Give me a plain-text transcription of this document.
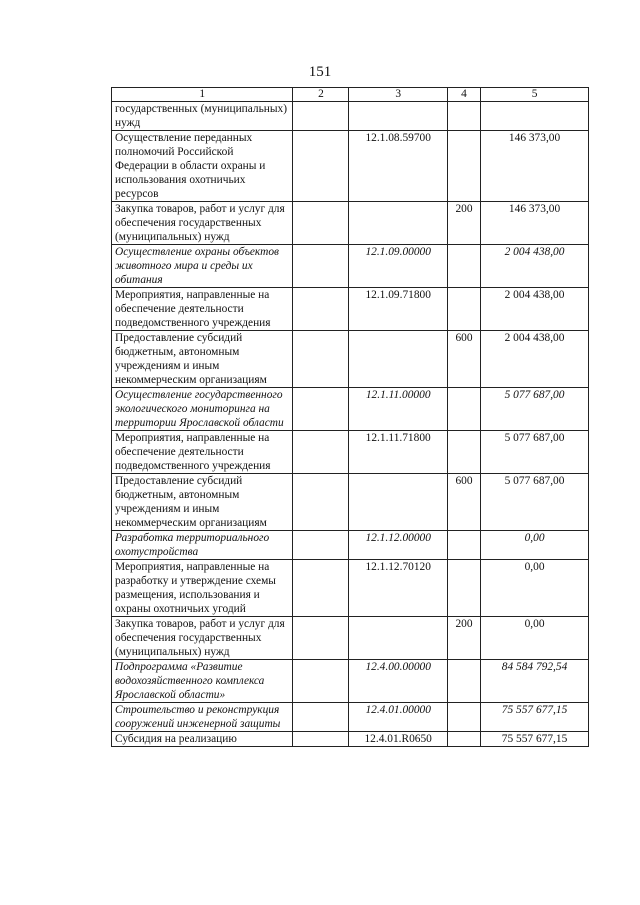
151
1	2	3	4	5
государственных (муниципальных) нужд				
Осуществление переданных полномочий Российской Федерации в области охраны и использования охотничьих ресурсов		12.1.08.59700		146 373,00
Закупка товаров, работ и услуг для обеспечения государственных (муниципальных) нужд			200	146 373,00
Осуществление охраны объектов животного мира и среды их обитания		12.1.09.00000		2 004 438,00
Мероприятия, направленные на обеспечение деятельности подведомственного учреждения		12.1.09.71800		2 004 438,00
Предоставление субсидий бюджетным, автономным учреждениям и иным некоммерческим организациям			600	2 004 438,00
Осуществление государственного экологического мониторинга на территории Ярославской области		12.1.11.00000		5 077 687,00
Мероприятия, направленные на обеспечение деятельности подведомственного учреждения		12.1.11.71800		5 077 687,00
Предоставление субсидий бюджетным, автономным учреждениям и иным некоммерческим организациям			600	5 077 687,00
Разработка территориального охотустройства		12.1.12.00000		0,00
Мероприятия, направленные на разработку и утверждение схемы размещения, использования и охраны охотничьих угодий		12.1.12.70120		0,00
Закупка товаров, работ и услуг для обеспечения государственных (муниципальных) нужд			200	0,00
Подпрограмма «Развитие водохозяйственного комплекса Ярославской области»		12.4.00.00000		84 584 792,54
Строительство и реконструкция сооружений инженерной защиты		12.4.01.00000		75 557 677,15
Субсидия на реализацию		12.4.01.R0650		75 557 677,15
